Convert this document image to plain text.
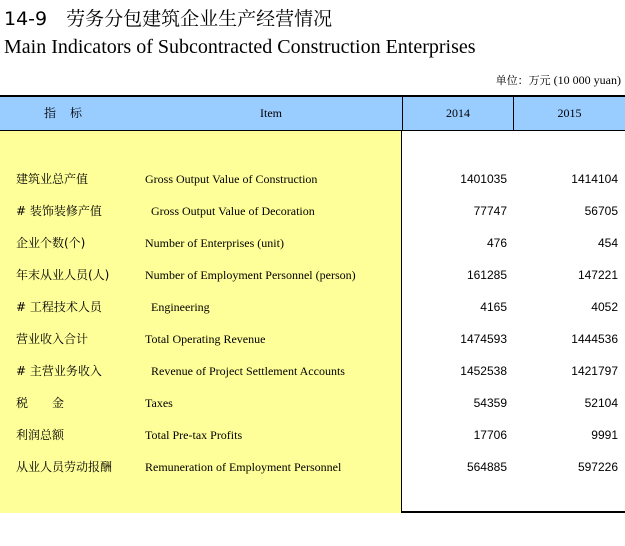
14-9　劳务分包建筑企业生产经营情况
Main Indicators of Subcontracted Construction Enterprises
单位：万元 (10 000 yuan)
指标	Item	2014	2015
建筑业总产值	Gross Output Value of Construction	1401035	1414104
# 装饰装修产值	Gross Output Value of Decoration	77747	56705
企业个数(个)	Number of Enterprises (unit)	476	454
年末从业人员(人)	Number of Employment Personnel (person)	161285	147221
# 工程技术人员	Engineering	4165	4052
营业收入合计	Total Operating Revenue	1474593	1444536
# 主营业务收入	Revenue of Project Settlement Accounts	1452538	1421797
税　　金	Taxes	54359	52104
利润总额	Total Pre-tax Profits	17706	9991
从业人员劳动报酬	Remuneration of Employment Personnel	564885	597226
